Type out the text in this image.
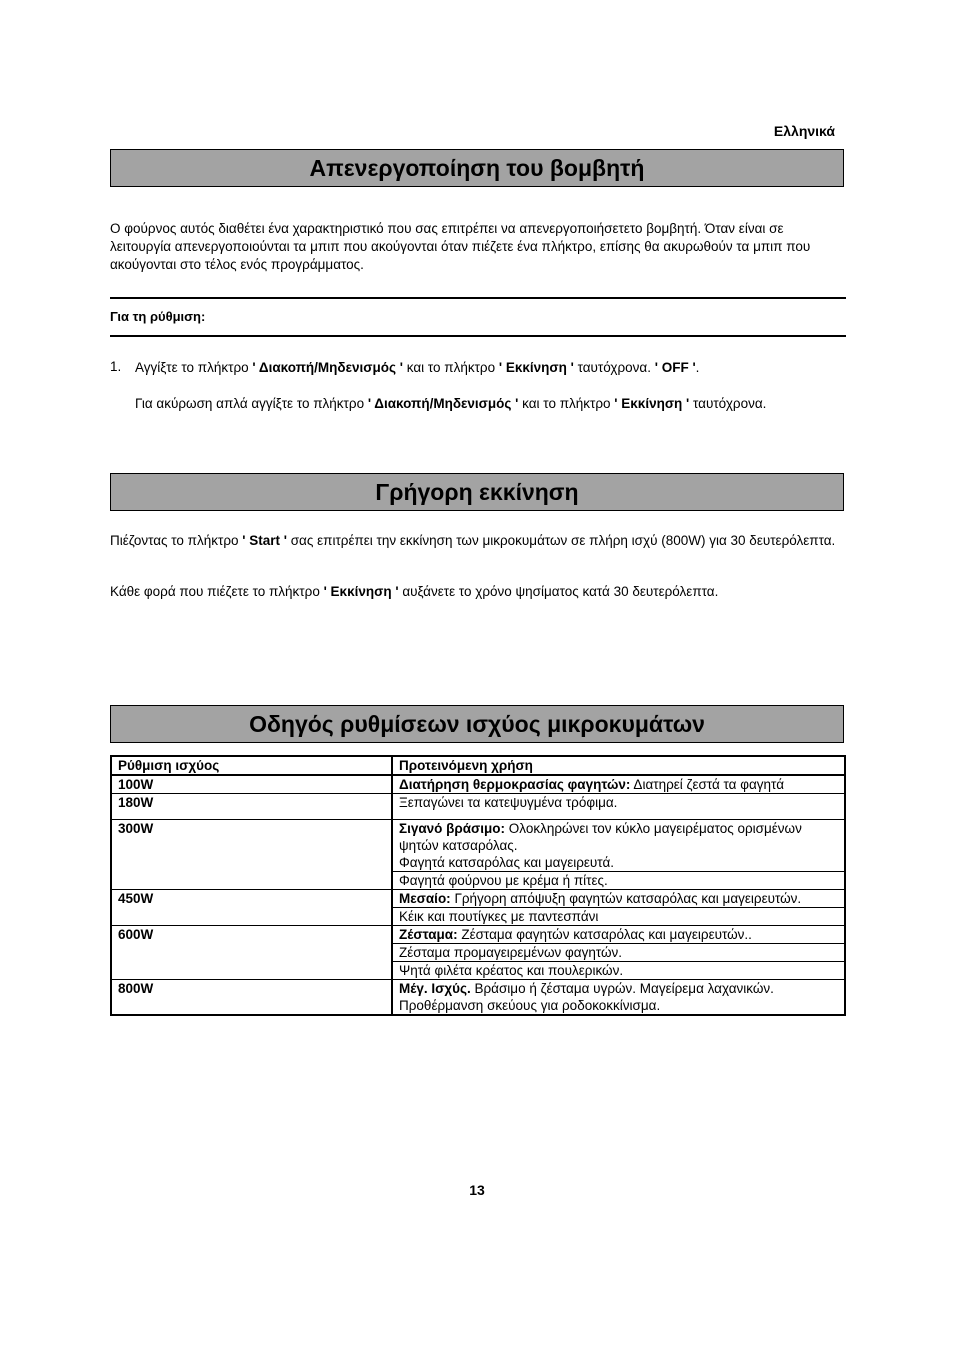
Ελληνικά
Απενεργοποίηση του βομβητή
Ο φούρνος αυτός διαθέτει ένα χαρακτηριστικό που σας επιτρέπει να απενεργοποιήσετετο βομβητή. Όταν είναι σε λειτουργία απενεργοποιούνται τα μπιπ που ακούγονται όταν πιέζετε ένα πλήκτρο, επίσης θα ακυρωθούν τα μπιπ που ακούγονται στο τέλος ενός προγράμματος.
Για τη ρύθμιση:
1. Αγγίξτε το πλήκτρο ' Διακοπή/Μηδενισμός ' και το πλήκτρο ' Εκκίνηση ' ταυτόχρονα. ' OFF '.
Για ακύρωση απλά αγγίξτε το πλήκτρο ' Διακοπή/Μηδενισμός ' και το πλήκτρο ' Εκκίνηση ' ταυτόχρονα.
Γρήγορη εκκίνηση
Πιέζοντας το πλήκτρο ' Start ' σας επιτρέπει την εκκίνηση των μικροκυμάτων σε πλήρη ισχύ (800W) για 30 δευτερόλεπτα.
Κάθε φορά που πιέζετε το πλήκτρο ' Εκκίνηση ' αυξάνετε το χρόνο ψησίματος κατά 30 δευτερόλεπτα.
Οδηγός ρυθμίσεων ισχύος μικροκυμάτων
Ρύθμιση ισχύος	Προτεινόμενη χρήση
100W	Διατήρηση θερμοκρασίας φαγητών: Διατηρεί ζεστά τα φαγητά
180W	Ξεπαγώνει τα κατεψυγμένα τρόφιμα.
300W	Σιγανό βράσιμο: Ολοκληρώνει τον κύκλο μαγειρέματος ορισμένων ψητών κατσαρόλας.
Φαγητά κατσαρόλας και μαγειρευτά.
	Φαγητά φούρνου με κρέμα ή πίτες.
450W	Μεσαίο: Γρήγορη απόψυξη φαγητών κατσαρόλας και μαγειρευτών.
	Κέικ και πουτίγκες με παντεσπάνι
600W	Ζέσταμα: Ζέσταμα φαγητών κατσαρόλας και μαγειρευτών..
	Ζέσταμα προμαγειρεμένων φαγητών.
	Ψητά φιλέτα κρέατος και πουλερικών.
800W	Μέγ. Ισχύς. Βράσιμο ή ζέσταμα υγρών. Μαγείρεμα λαχανικών. Προθέρμανση σκεύους για ροδοκοκκίνισμα.
13
